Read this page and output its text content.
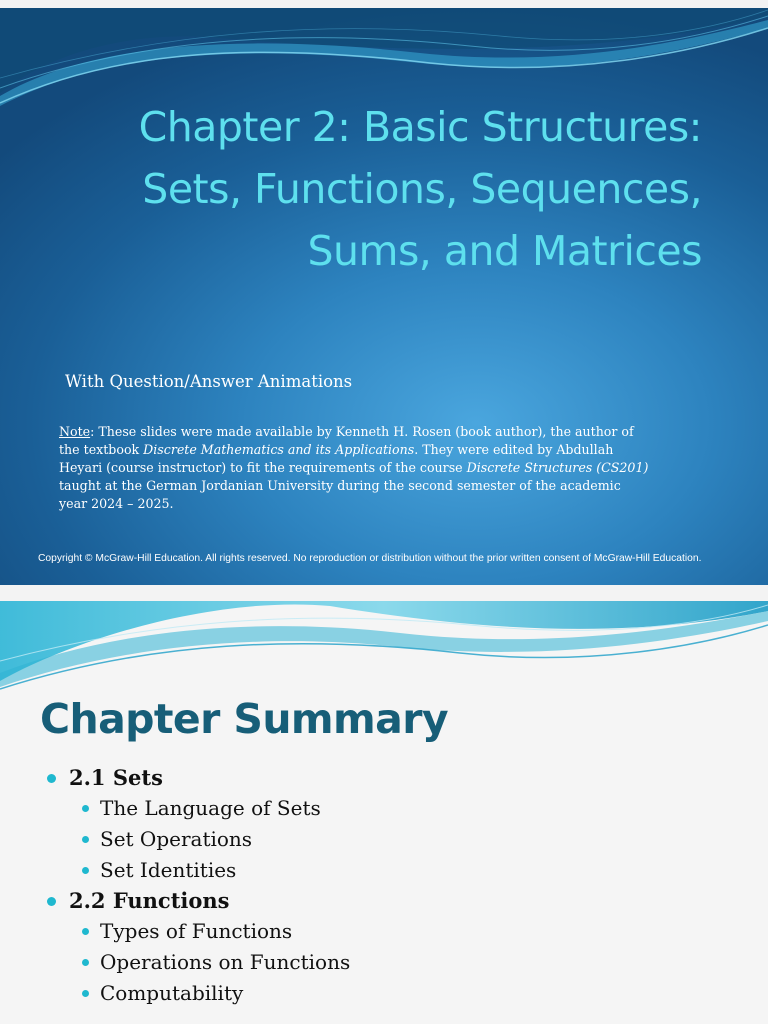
Chapter 2: Basic Structures:
Sets, Functions, Sequences,
Sums, and Matrices

With Question/Answer Animations

Note: These slides were made available by Kenneth H. Rosen (book author), the author of the textbook Discrete Mathematics and its Applications. They were edited by Abdullah Heyari (course instructor) to fit the requirements of the course Discrete Structures (CS201) taught at the German Jordanian University during the second semester of the academic year 2024 – 2025.

Copyright © McGraw-Hill Education. All rights reserved. No reproduction or distribution without the prior written consent of McGraw-Hill Education.

Chapter Summary
2.1 Sets
The Language of Sets
Set Operations
Set Identities
2.2 Functions
Types of Functions
Operations on Functions
Computability
